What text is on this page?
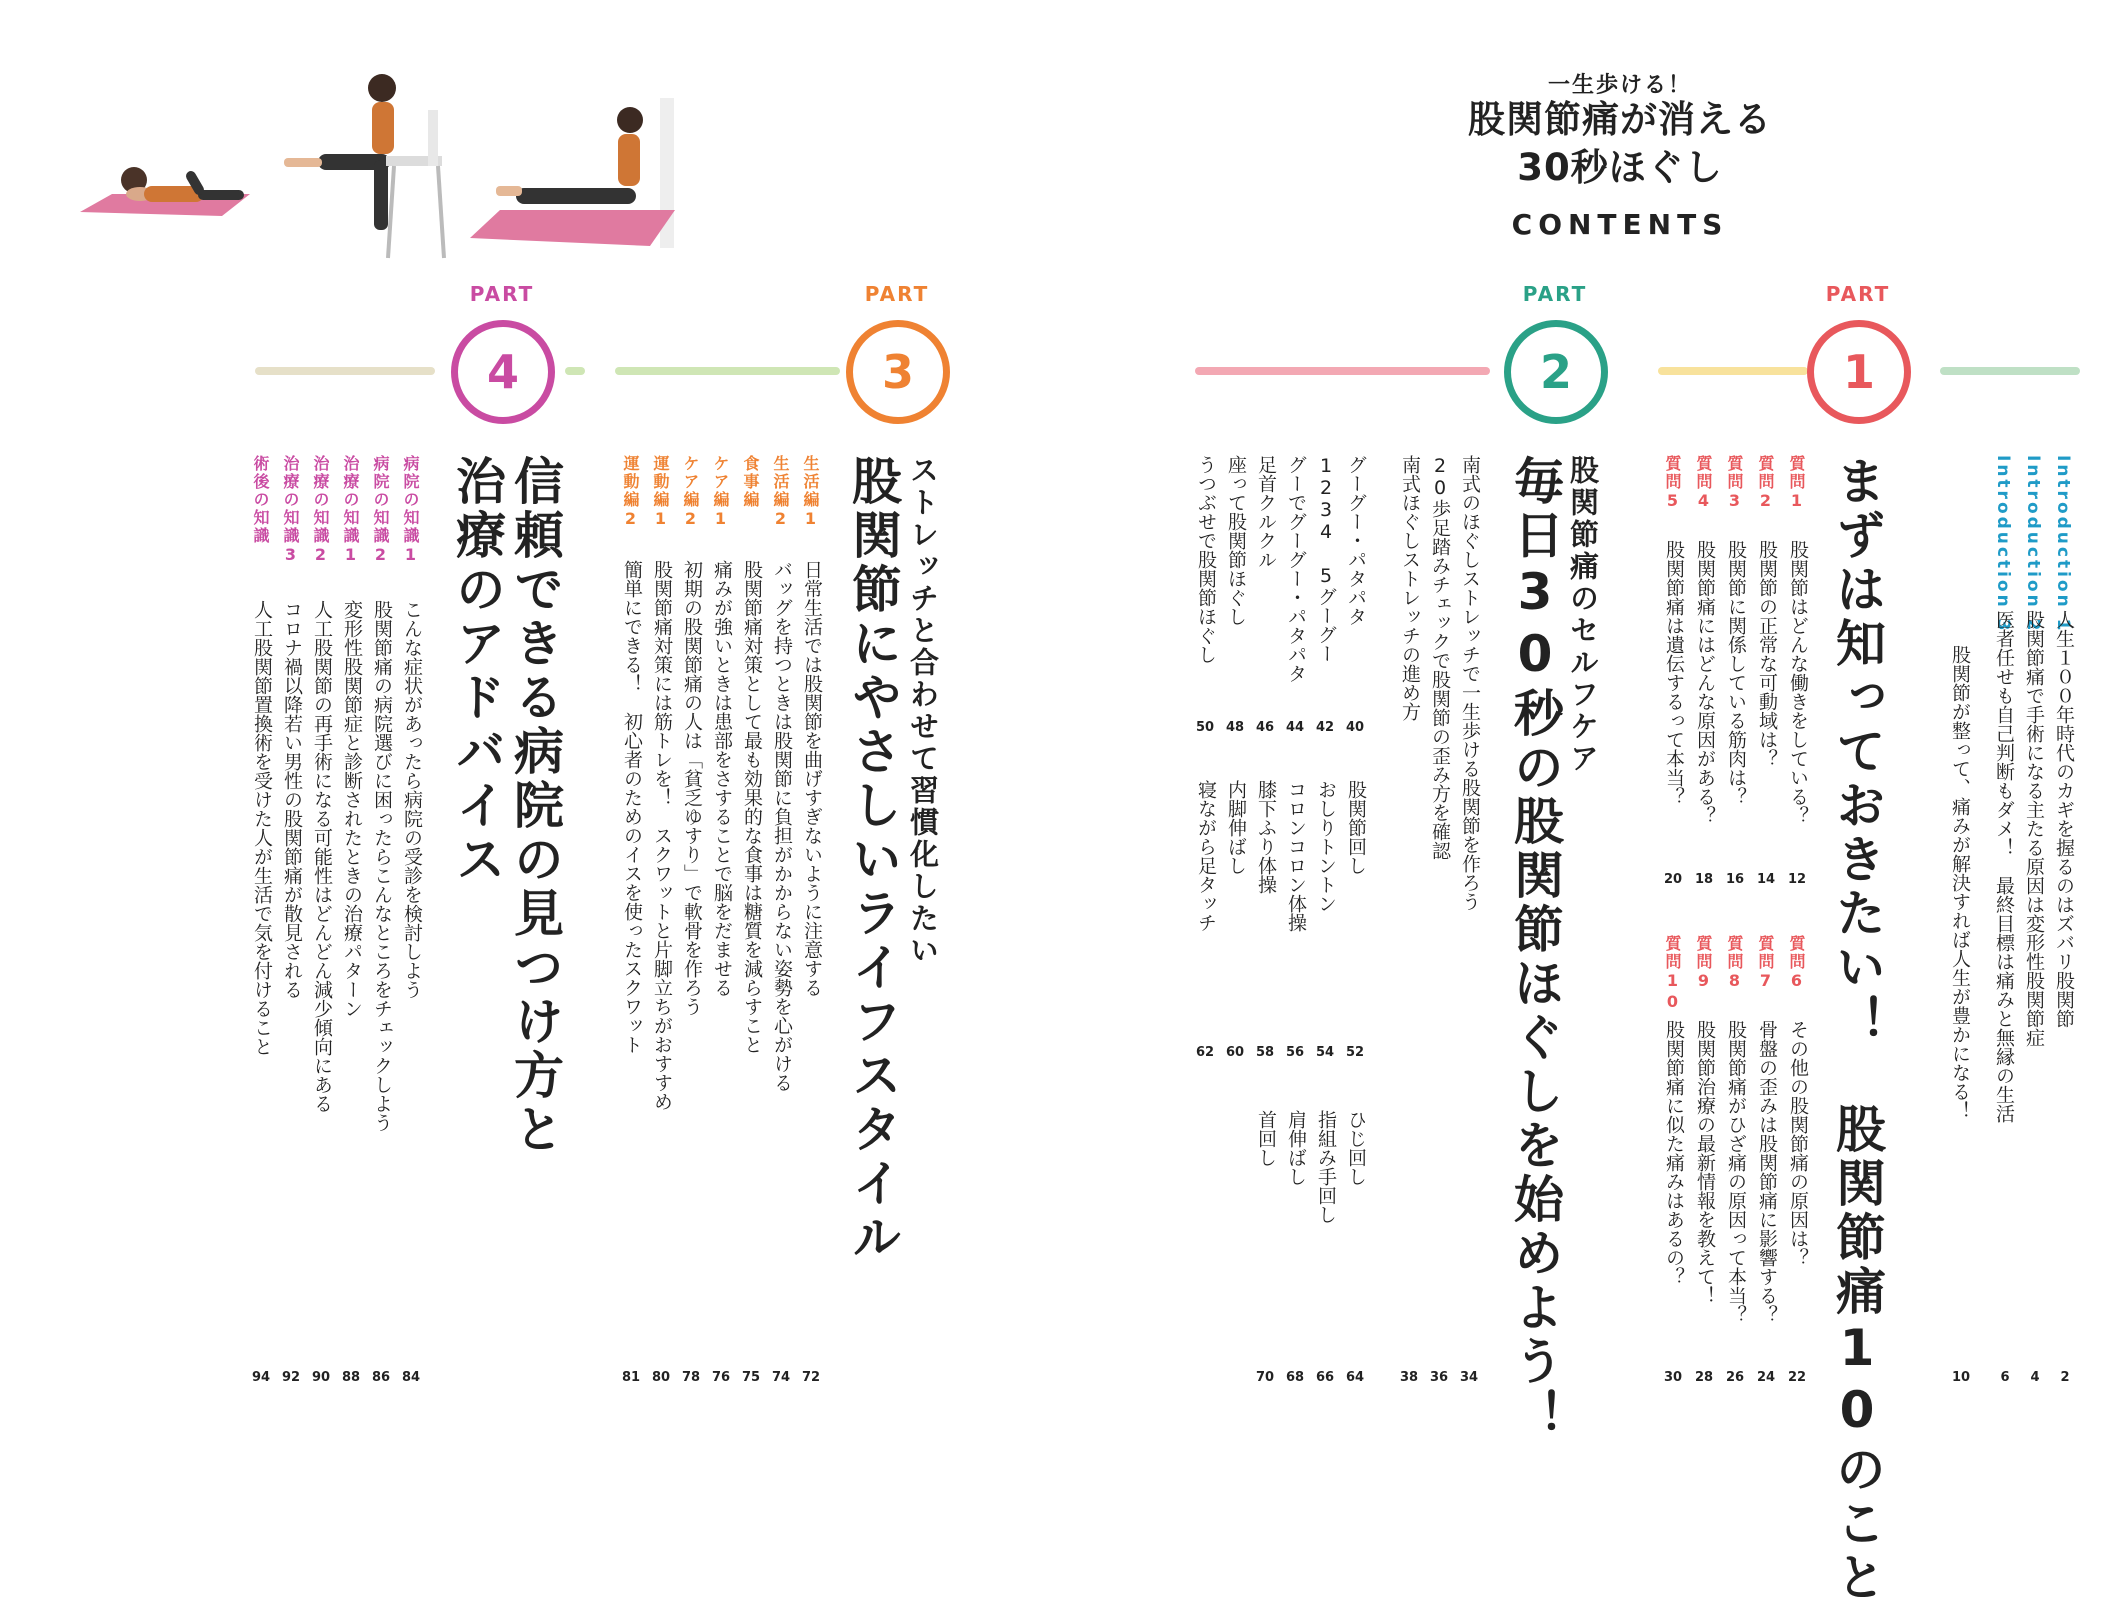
一生歩ける！
股関節痛が消える
30秒ほぐし
CONTENTS
PART
1
PART
2
PART
3
PART
4
Introduction 1
Introduction 2
Introduction 3
人生１００年時代のカギを握るのはズバリ股関節
股関節痛で手術になる主たる原因は変形性股関節症
医者任せも自己判断もダメ！　最終目標は痛みと無縁の生活
股関節が整って、痛みが解決すれば人生が豊かになる！
2
4
6
10
まずは知っておきたい！　股関節痛10のこと
質問1
質問2
質問3
質問4
質問5
股関節はどんな働きをしている？
股関節の正常な可動域は？
股関節に関係している筋肉は？
股関節痛にはどんな原因がある？
股関節痛は遺伝するって本当？
12
14
16
18
20
質問6
質問7
質問8
質問9
質問10
その他の股関節痛の原因は？
骨盤の歪みは股関節痛に影響する？
股関節痛がひざ痛の原因って本当？
股関節治療の最新情報を教えて！
股関節痛に似た痛みはあるの？
22
24
26
28
30
股関節痛のセルフケア
毎日30秒の股関節ほぐしを始めよう！
南式のほぐしストレッチで一生歩ける股関節を作ろう
20歩足踏みチェックで股関節の歪み方を確認
南式ほぐしストレッチの進め方
34
36
38
グーグー・パタパタ
1234 5グーグー
グーでグーグー・パタパタ
足首クルクル
座って股関節ほぐし
うつぶせで股関節ほぐし
40
42
44
46
48
50
股関節回し
おしりトントン
コロンコロン体操
膝下ふり体操
内脚伸ばし
寝ながら足タッチ
52
54
56
58
60
62
ひじ回し
指組み手回し
肩伸ばし
首回し
64
66
68
70
ストレッチと合わせて習慣化したい
股関節にやさしいライフスタイル
生活編1
生活編2
食事編
ケア編1
ケア編2
運動編1
運動編2
日常生活では股関節を曲げすぎないように注意する
バッグを持つときは股関節に負担がかからない姿勢を心がける
股関節痛対策として最も効果的な食事は糖質を減らすこと
痛みが強いときは患部をさすることで脳をだませる
初期の股関節痛の人は「貧乏ゆすり」で軟骨を作ろう
股関節痛対策には筋トレを！　スクワットと片脚立ちがおすすめ
簡単にできる！　初心者のためのイスを使ったスクワット
72
74
75
76
78
80
81
信頼できる病院の見つけ方と
治療のアドバイス
病院の知識1
病院の知識2
治療の知識1
治療の知識2
治療の知識3
術後の知識
こんな症状があったら病院の受診を検討しよう
股関節痛の病院選びに困ったらこんなところをチェックしよう
変形性股関節症と診断されたときの治療パターン
人工股関節の再手術になる可能性はどんどん減少傾向にある
コロナ禍以降若い男性の股関節痛が散見される
人工股関節置換術を受けた人が生活で気を付けること
84
86
88
90
92
94
